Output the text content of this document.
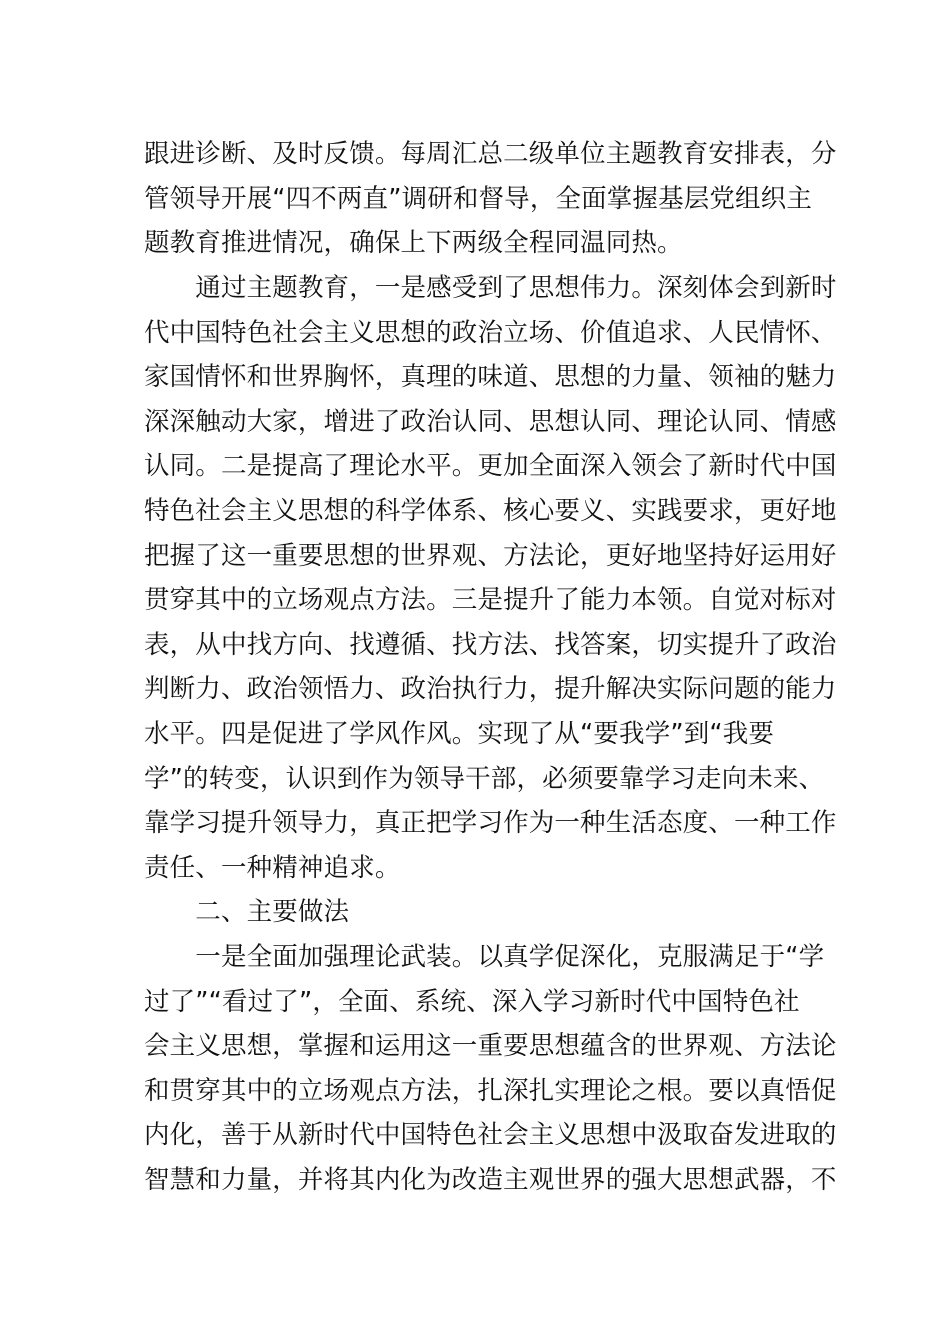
跟进诊断、及时反馈。每周汇总二级单位主题教育安排表，分
管领导开展“四不两直”调研和督导，全面掌握基层党组织主
题教育推进情况，确保上下两级全程同温同热。
　　通过主题教育，一是感受到了思想伟力。深刻体会到新时
代中国特色社会主义思想的政治立场、价值追求、人民情怀、
家国情怀和世界胸怀，真理的味道、思想的力量、领袖的魅力
深深触动大家，增进了政治认同、思想认同、理论认同、情感
认同。二是提高了理论水平。更加全面深入领会了新时代中国
特色社会主义思想的科学体系、核心要义、实践要求，更好地
把握了这一重要思想的世界观、方法论，更好地坚持好运用好
贯穿其中的立场观点方法。三是提升了能力本领。自觉对标对
表，从中找方向、找遵循、找方法、找答案，切实提升了政治
判断力、政治领悟力、政治执行力，提升解决实际问题的能力
水平。四是促进了学风作风。实现了从“要我学”到“我要
学”的转变，认识到作为领导干部，必须要靠学习走向未来、
靠学习提升领导力，真正把学习作为一种生活态度、一种工作
责任、一种精神追求。
　　二、主要做法
　　一是全面加强理论武装。以真学促深化，克服满足于“学
过了”“看过了”，全面、系统、深入学习新时代中国特色社
会主义思想，掌握和运用这一重要思想蕴含的世界观、方法论
和贯穿其中的立场观点方法，扎深扎实理论之根。要以真悟促
内化，善于从新时代中国特色社会主义思想中汲取奋发进取的
智慧和力量，并将其内化为改造主观世界的强大思想武器，不
